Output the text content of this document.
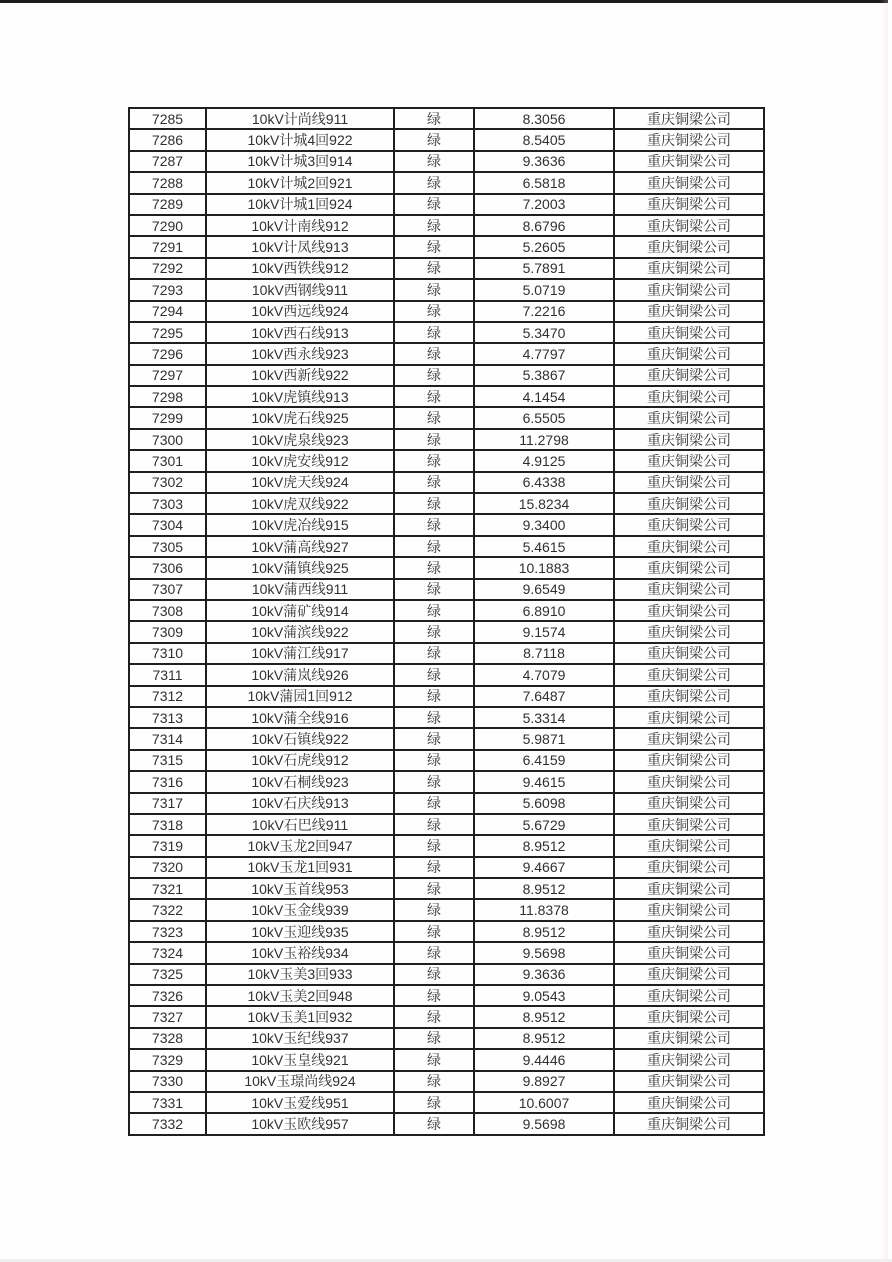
7285	10kV计尚线911	绿	8.3056	重庆铜梁公司
7286	10kV计城4回922	绿	8.5405	重庆铜梁公司
7287	10kV计城3回914	绿	9.3636	重庆铜梁公司
7288	10kV计城2回921	绿	6.5818	重庆铜梁公司
7289	10kV计城1回924	绿	7.2003	重庆铜梁公司
7290	10kV计南线912	绿	8.6796	重庆铜梁公司
7291	10kV计凤线913	绿	5.2605	重庆铜梁公司
7292	10kV西铁线912	绿	5.7891	重庆铜梁公司
7293	10kV西钢线911	绿	5.0719	重庆铜梁公司
7294	10kV西远线924	绿	7.2216	重庆铜梁公司
7295	10kV西石线913	绿	5.3470	重庆铜梁公司
7296	10kV西永线923	绿	4.7797	重庆铜梁公司
7297	10kV西新线922	绿	5.3867	重庆铜梁公司
7298	10kV虎镇线913	绿	4.1454	重庆铜梁公司
7299	10kV虎石线925	绿	6.5505	重庆铜梁公司
7300	10kV虎泉线923	绿	11.2798	重庆铜梁公司
7301	10kV虎安线912	绿	4.9125	重庆铜梁公司
7302	10kV虎天线924	绿	6.4338	重庆铜梁公司
7303	10kV虎双线922	绿	15.8234	重庆铜梁公司
7304	10kV虎冶线915	绿	9.3400	重庆铜梁公司
7305	10kV蒲高线927	绿	5.4615	重庆铜梁公司
7306	10kV蒲镇线925	绿	10.1883	重庆铜梁公司
7307	10kV蒲西线911	绿	9.6549	重庆铜梁公司
7308	10kV蒲矿线914	绿	6.8910	重庆铜梁公司
7309	10kV蒲滨线922	绿	9.1574	重庆铜梁公司
7310	10kV蒲江线917	绿	8.7118	重庆铜梁公司
7311	10kV蒲岚线926	绿	4.7079	重庆铜梁公司
7312	10kV蒲园1回912	绿	7.6487	重庆铜梁公司
7313	10kV蒲全线916	绿	5.3314	重庆铜梁公司
7314	10kV石镇线922	绿	5.9871	重庆铜梁公司
7315	10kV石虎线912	绿	6.4159	重庆铜梁公司
7316	10kV石桐线923	绿	9.4615	重庆铜梁公司
7317	10kV石庆线913	绿	5.6098	重庆铜梁公司
7318	10kV石巴线911	绿	5.6729	重庆铜梁公司
7319	10kV玉龙2回947	绿	8.9512	重庆铜梁公司
7320	10kV玉龙1回931	绿	9.4667	重庆铜梁公司
7321	10kV玉首线953	绿	8.9512	重庆铜梁公司
7322	10kV玉金线939	绿	11.8378	重庆铜梁公司
7323	10kV玉迎线935	绿	8.9512	重庆铜梁公司
7324	10kV玉裕线934	绿	9.5698	重庆铜梁公司
7325	10kV玉美3回933	绿	9.3636	重庆铜梁公司
7326	10kV玉美2回948	绿	9.0543	重庆铜梁公司
7327	10kV玉美1回932	绿	8.9512	重庆铜梁公司
7328	10kV玉纪线937	绿	8.9512	重庆铜梁公司
7329	10kV玉皇线921	绿	9.4446	重庆铜梁公司
7330	10kV玉璟尚线924	绿	9.8927	重庆铜梁公司
7331	10kV玉爱线951	绿	10.6007	重庆铜梁公司
7332	10kV玉欧线957	绿	9.5698	重庆铜梁公司
